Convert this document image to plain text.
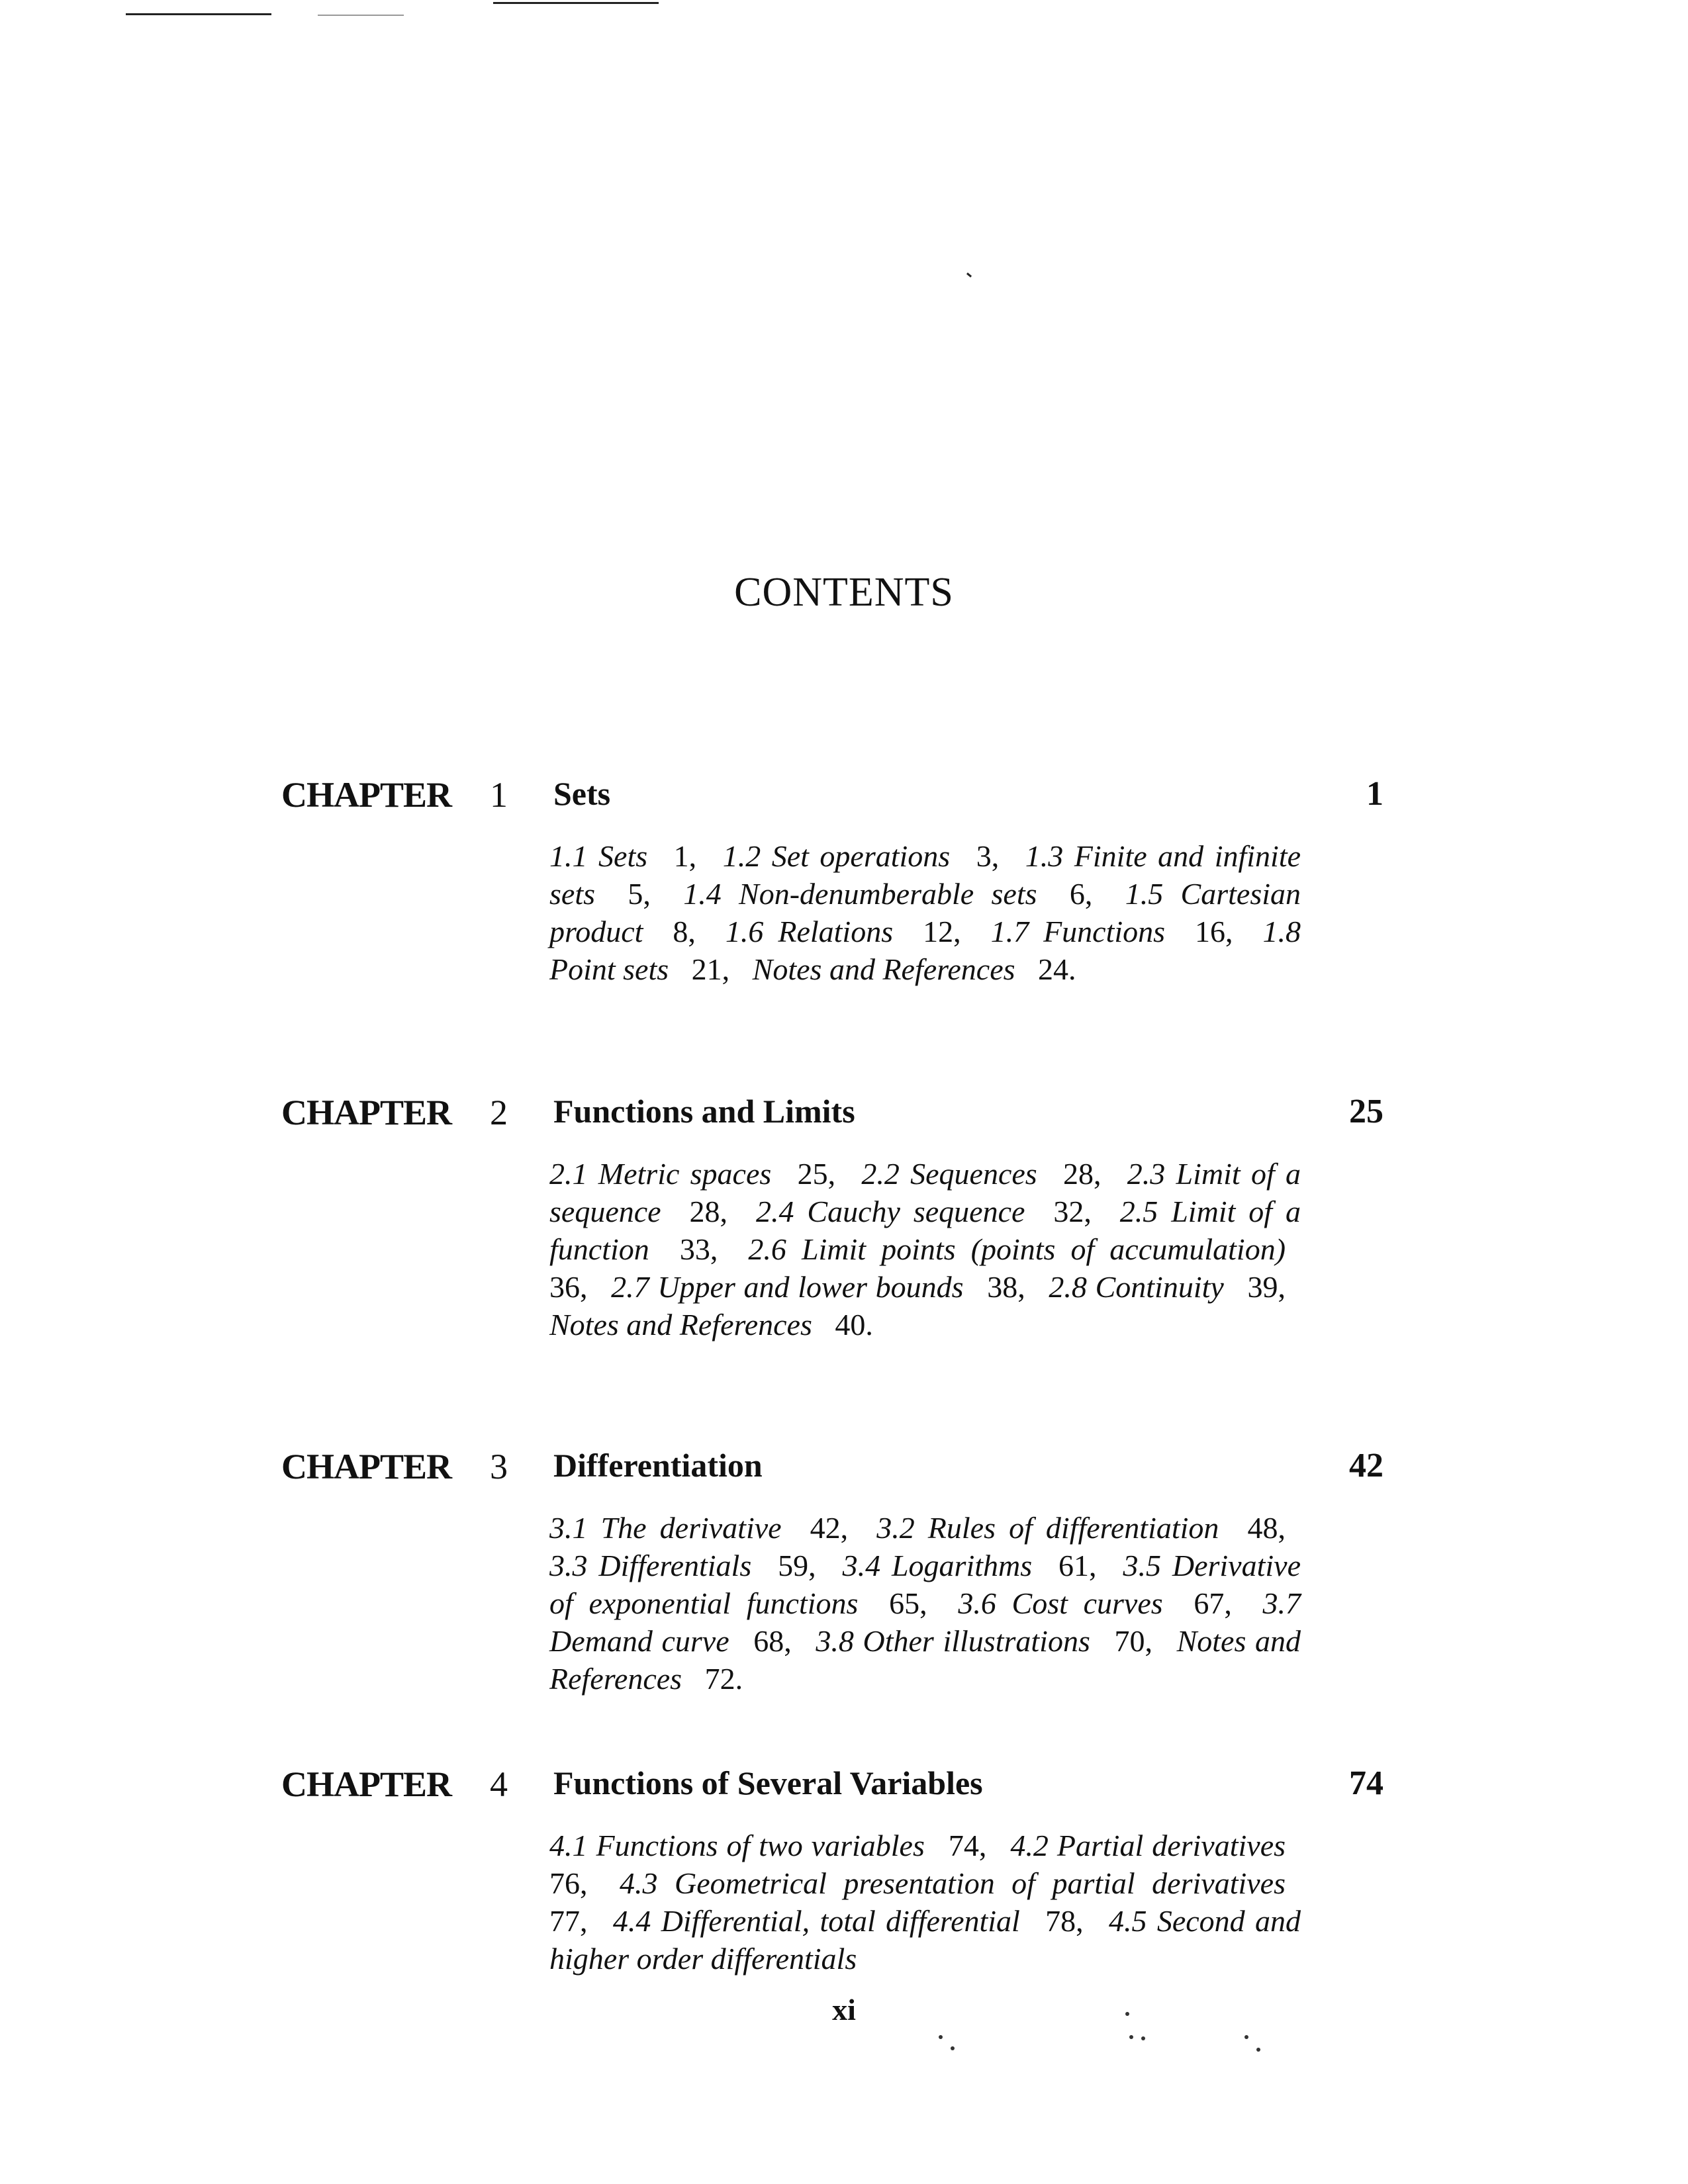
CONTENTS
CHAPTER 1 Sets	1
1.1 Sets  1,  1.2 Set operations  3,  1.3 Finite and infinite sets  5,  1.4 Non-denumberable sets  6,  1.5 Cartesian product  8,  1.6 Relations  12,  1.7 Functions  16,  1.8 Point sets  21,  Notes and References  24.
CHAPTER 2 Functions and Limits	25
2.1 Metric spaces  25,  2.2 Sequences  28,  2.3 Limit of a sequence  28,  2.4 Cauchy sequence  32,  2.5 Limit of a function  33,  2.6 Limit points (points of accumulation)  36,  2.7 Upper and lower bounds  38,  2.8 Continuity  39,  Notes and References  40.
CHAPTER 3 Differentiation	42
3.1 The derivative  42,  3.2 Rules of differentiation  48,  3.3 Differentials  59,  3.4 Logarithms  61,  3.5 Derivative of exponential functions  65,  3.6 Cost curves  67,  3.7 Demand curve  68,  3.8 Other illustrations  70,  Notes and References  72.
CHAPTER 4 Functions of Several Variables	74
4.1 Functions of two variables  74,  4.2 Partial derivatives  76,  4.3 Geometrical presentation of partial derivatives  77,  4.4 Differential, total differential  78,  4.5 Second and higher order differentials
xi
